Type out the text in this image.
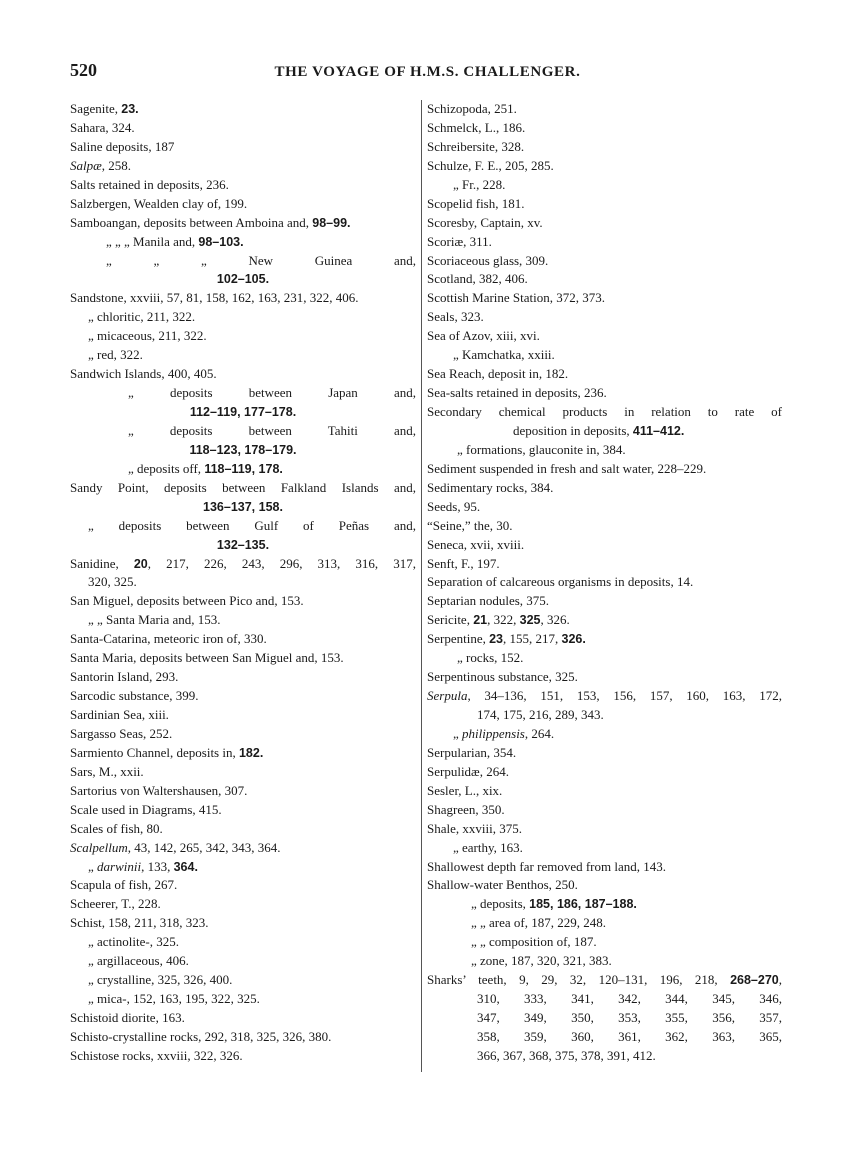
520	THE VOYAGE OF H.M.S. CHALLENGER.
Sagenite, 23.
Sahara, 324.
Saline deposits, 187
Salpæ, 258.
Salts retained in deposits, 236.
Salzbergen, Wealden clay of, 199.
Samboangan, deposits between Amboina and, 98–99.
„ „ „ Manila and, 98–103.
„ „ „ New Guinea and,
102–105.
Sandstone, xxviii, 57, 81, 158, 162, 163, 231, 322, 406.
„ chloritic, 211, 322.
„ micaceous, 211, 322.
„ red, 322.
Sandwich Islands, 400, 405.
„ deposits between Japan and,
112–119, 177–178.
„ deposits between Tahiti and,
118–123, 178–179.
„ deposits off, 118–119, 178.
Sandy Point, deposits between Falkland Islands and,
136–137, 158.
„ deposits between Gulf of Peñas and,
132–135.
Sanidine, 20, 217, 226, 243, 296, 313, 316, 317,
320, 325.
San Miguel, deposits between Pico and, 153.
„ „ Santa Maria and, 153.
Santa-Catarina, meteoric iron of, 330.
Santa Maria, deposits between San Miguel and, 153.
Santorin Island, 293.
Sarcodic substance, 399.
Sardinian Sea, xiii.
Sargasso Seas, 252.
Sarmiento Channel, deposits in, 182.
Sars, M., xxii.
Sartorius von Waltershausen, 307.
Scale used in Diagrams, 415.
Scales of fish, 80.
Scalpellum, 43, 142, 265, 342, 343, 364.
„ darwinii, 133, 364.
Scapula of fish, 267.
Scheerer, T., 228.
Schist, 158, 211, 318, 323.
„ actinolite-, 325.
„ argillaceous, 406.
„ crystalline, 325, 326, 400.
„ mica-, 152, 163, 195, 322, 325.
Schistoid diorite, 163.
Schisto-crystalline rocks, 292, 318, 325, 326, 380.
Schistose rocks, xxviii, 322, 326.
Schizopoda, 251.
Schmelck, L., 186.
Schreibersite, 328.
Schulze, F. E., 205, 285.
„ Fr., 228.
Scopelid fish, 181.
Scoresby, Captain, xv.
Scoriæ, 311.
Scoriaceous glass, 309.
Scotland, 382, 406.
Scottish Marine Station, 372, 373.
Seals, 323.
Sea of Azov, xiii, xvi.
„ Kamchatka, xxiii.
Sea Reach, deposit in, 182.
Sea-salts retained in deposits, 236.
Secondary chemical products in relation to rate of
deposition in deposits, 411–412.
„ formations, glauconite in, 384.
Sediment suspended in fresh and salt water, 228–229.
Sedimentary rocks, 384.
Seeds, 95.
“Seine,” the, 30.
Seneca, xvii, xviii.
Senft, F., 197.
Separation of calcareous organisms in deposits, 14.
Septarian nodules, 375.
Sericite, 21, 322, 325, 326.
Serpentine, 23, 155, 217, 326.
„ rocks, 152.
Serpentinous substance, 325.
Serpula, 34–136, 151, 153, 156, 157, 160, 163, 172,
174, 175, 216, 289, 343.
„ philippensis, 264.
Serpularian, 354.
Serpulidæ, 264.
Sesler, L., xix.
Shagreen, 350.
Shale, xxviii, 375.
„ earthy, 163.
Shallowest depth far removed from land, 143.
Shallow-water Benthos, 250.
„ deposits, 185, 186, 187–188.
„ „ area of, 187, 229, 248.
„ „ composition of, 187.
„ zone, 187, 320, 321, 383.
Sharks’ teeth, 9, 29, 32, 120–131, 196, 218, 268–270,
310, 333, 341, 342, 344, 345, 346,
347, 349, 350, 353, 355, 356, 357,
358, 359, 360, 361, 362, 363, 365,
366, 367, 368, 375, 378, 391, 412.
